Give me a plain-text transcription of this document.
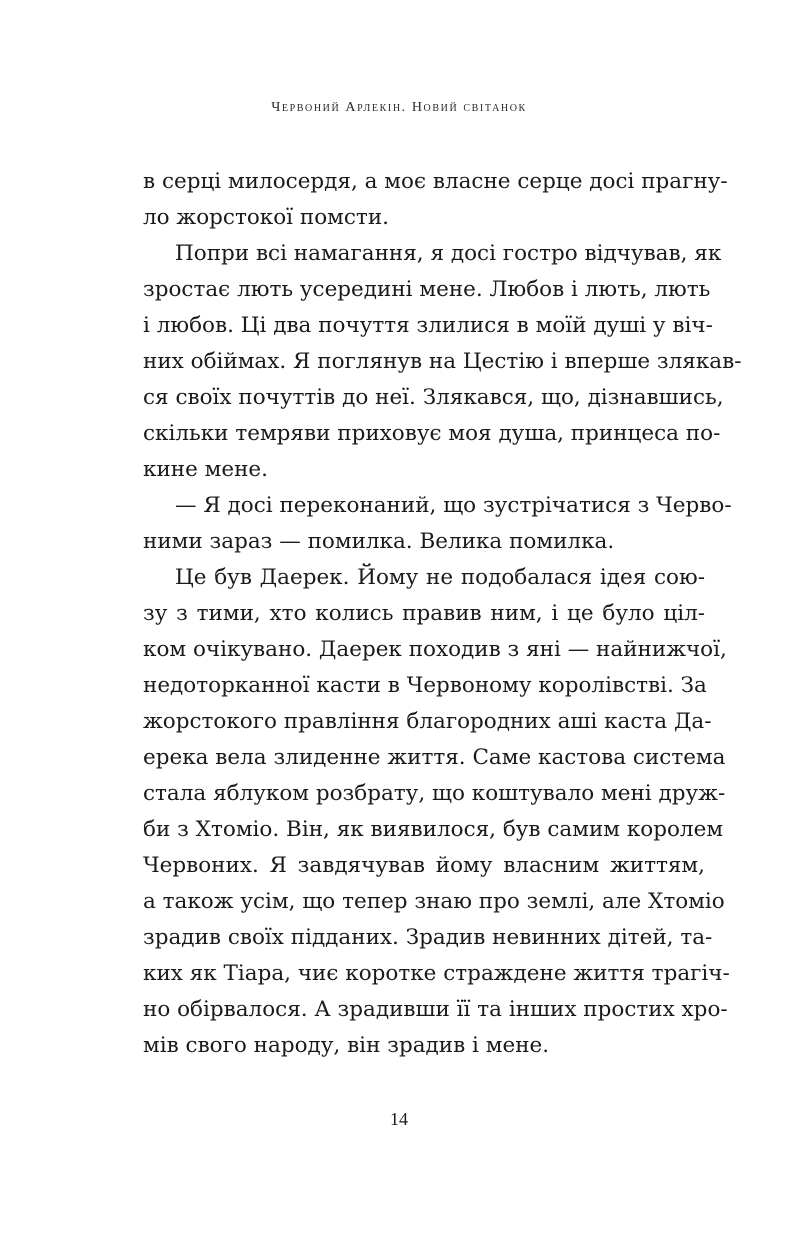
Червоний Арлекін. Новий світанок
в серці милосердя, а моє власне серце досі прагну-
ло жорстокої помсти.
Попри всі намагання, я досі гостро відчував, як
зростає лють усередині мене. Любов і лють, лють
і любов. Ці два почуття злилися в моїй душі у віч-
них обіймах. Я поглянув на Цестію і вперше злякав-
ся своїх почуттів до неї. Злякався, що, дізнавшись,
скільки темряви приховує моя душа, принцеса по-
кине мене.
— Я досі переконаний, що зустрічатися з Черво-
ними зараз — помилка. Велика помилка.
Це був Даерек. Йому не подобалася ідея сою-
зу з тими, хто колись правив ним, і це було ціл-
ком очікувано. Даерек походив з яні — найнижчої,
недоторканної касти в Червоному королівстві. За
жорстокого правління благородних аші каста Да-
ерека вела злиденне життя. Саме кастова система
стала яблуком розбрату, що коштувало мені друж-
би з Хтоміо. Він, як виявилося, був самим королем
Червоних. Я завдячував йому власним життям,
а також усім, що тепер знаю про землі, але Хтоміо
зрадив своїх підданих. Зрадив невинних дітей, та-
ких як Тіара, чиє коротке страждене життя трагіч-
но обірвалося. А зрадивши її та інших простих хро-
мів свого народу, він зрадив і мене.
14
